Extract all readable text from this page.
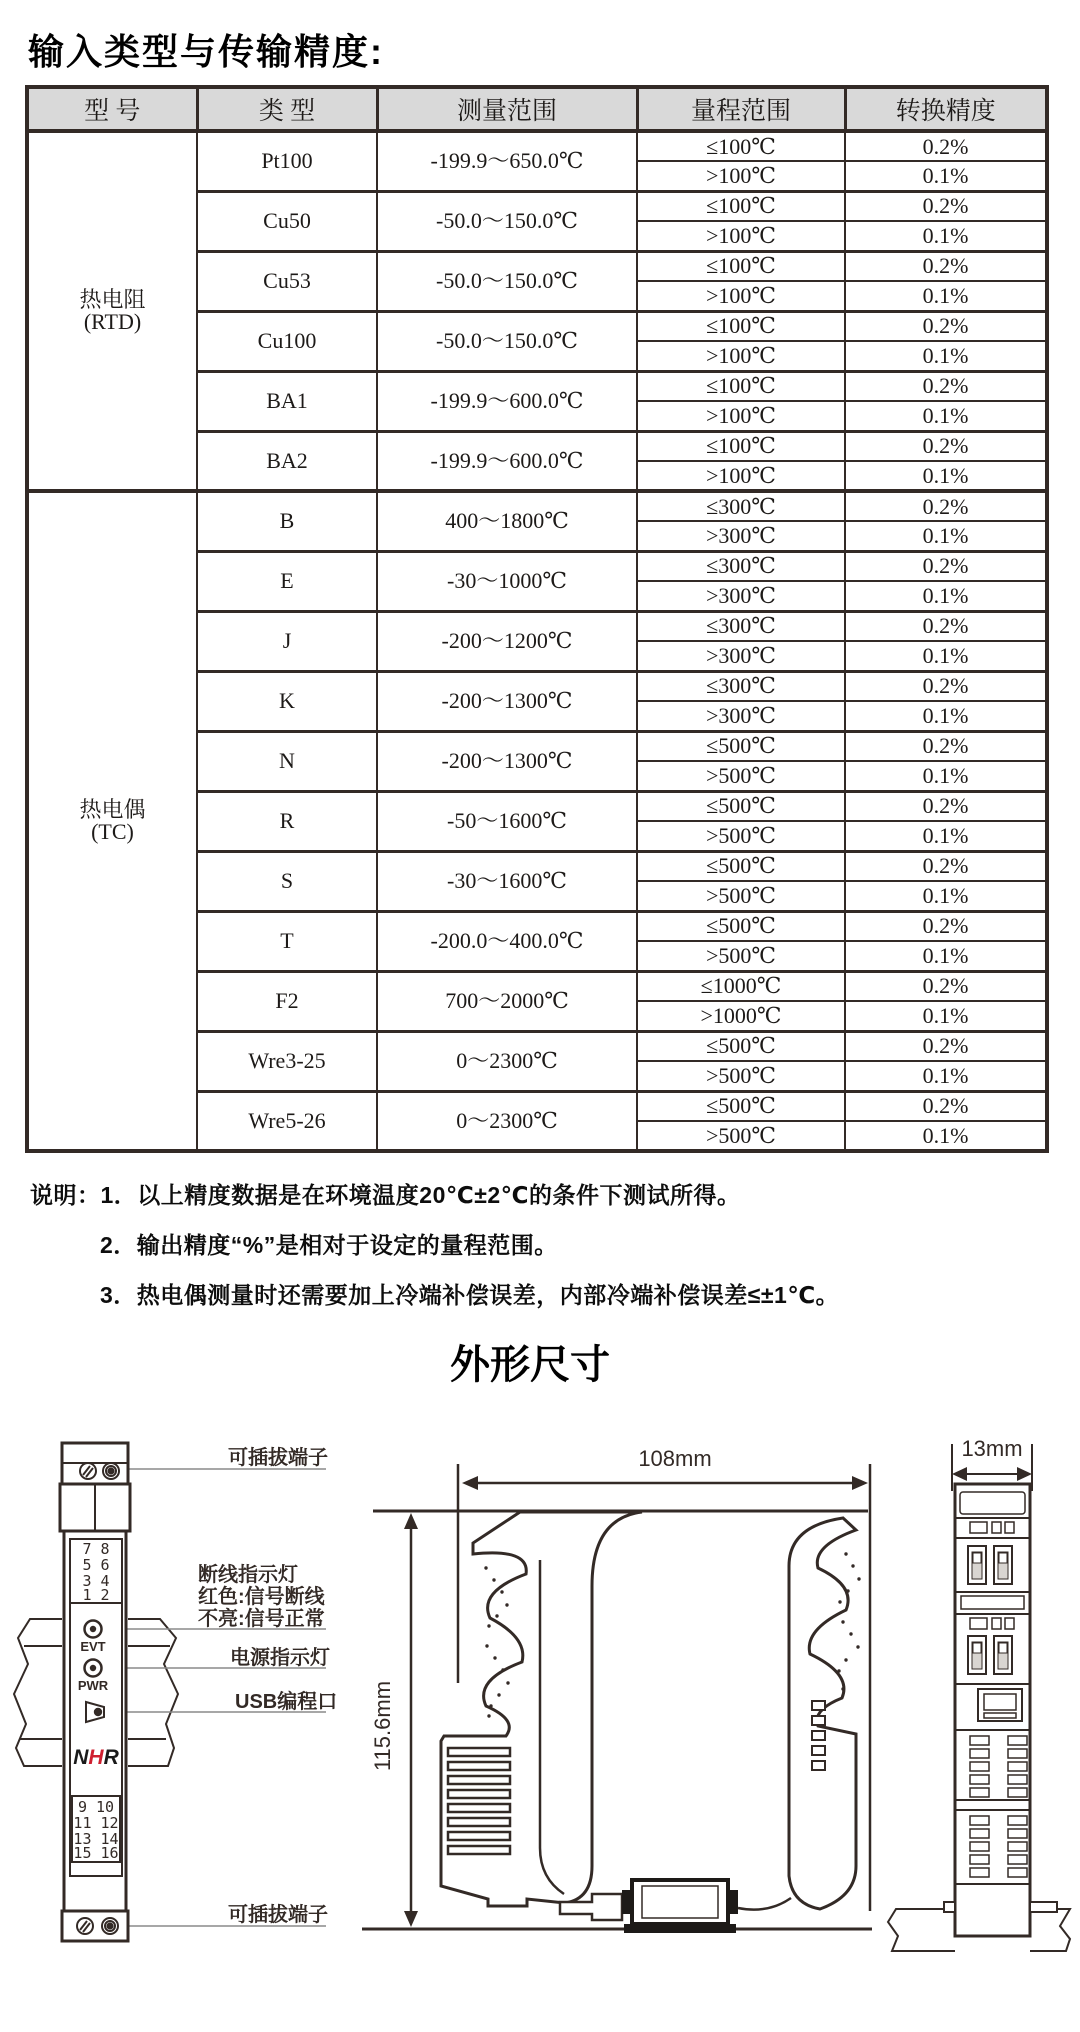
输入类型与传输精度:
型 号	类 型	测量范围	量程范围	转换精度

热电阻
(RTD)	Pt100	-199.9～650.0℃	≤100℃	0.2%
			>100℃	0.1%
	Cu50	-50.0～150.0℃	≤100℃	0.2%
			>100℃	0.1%
	Cu53	-50.0～150.0℃	≤100℃	0.2%
			>100℃	0.1%
	Cu100	-50.0～150.0℃	≤100℃	0.2%
			>100℃	0.1%
	BA1	-199.9～600.0℃	≤100℃	0.2%
			>100℃	0.1%
	BA2	-199.9～600.0℃	≤100℃	0.2%
			>100℃	0.1%

热电偶
(TC)	B	400～1800℃	≤300℃	0.2%
			>300℃	0.1%
	E	-30～1000℃	≤300℃	0.2%
			>300℃	0.1%
	J	-200～1200℃	≤300℃	0.2%
			>300℃	0.1%
	K	-200～1300℃	≤300℃	0.2%
			>300℃	0.1%
	N	-200～1300℃	≤500℃	0.2%
			>500℃	0.1%
	R	-50～1600℃	≤500℃	0.2%
			>500℃	0.1%
	S	-30～1600℃	≤500℃	0.2%
			>500℃	0.1%
	T	-200.0～400.0℃	≤500℃	0.2%
			>500℃	0.1%
	F2	700～2000℃	≤1000℃	0.2%
			>1000℃	0.1%
	Wre3-25	0～2300℃	≤500℃	0.2%
			>500℃	0.1%
	Wre5-26	0～2300℃	≤500℃	0.2%
			>500℃	0.1%
说明：1．以上精度数据是在环境温度20℃±2℃的条件下测试所得。
2．输出精度“%”是相对于设定的量程范围。
3．热电偶测量时还需要加上冷端补偿误差，内部冷端补偿误差≤±1℃。
外形尺寸
7 8
5 6
3 4
1 2
9 10
11 12
13 14
15 16
EVT
PWR
NHR
可插拔端子
断线指示灯
红色:信号断线
不亮:信号正常
电源指示灯
USB编程口
可插拔端子
108mm
115.6mm
13mm
